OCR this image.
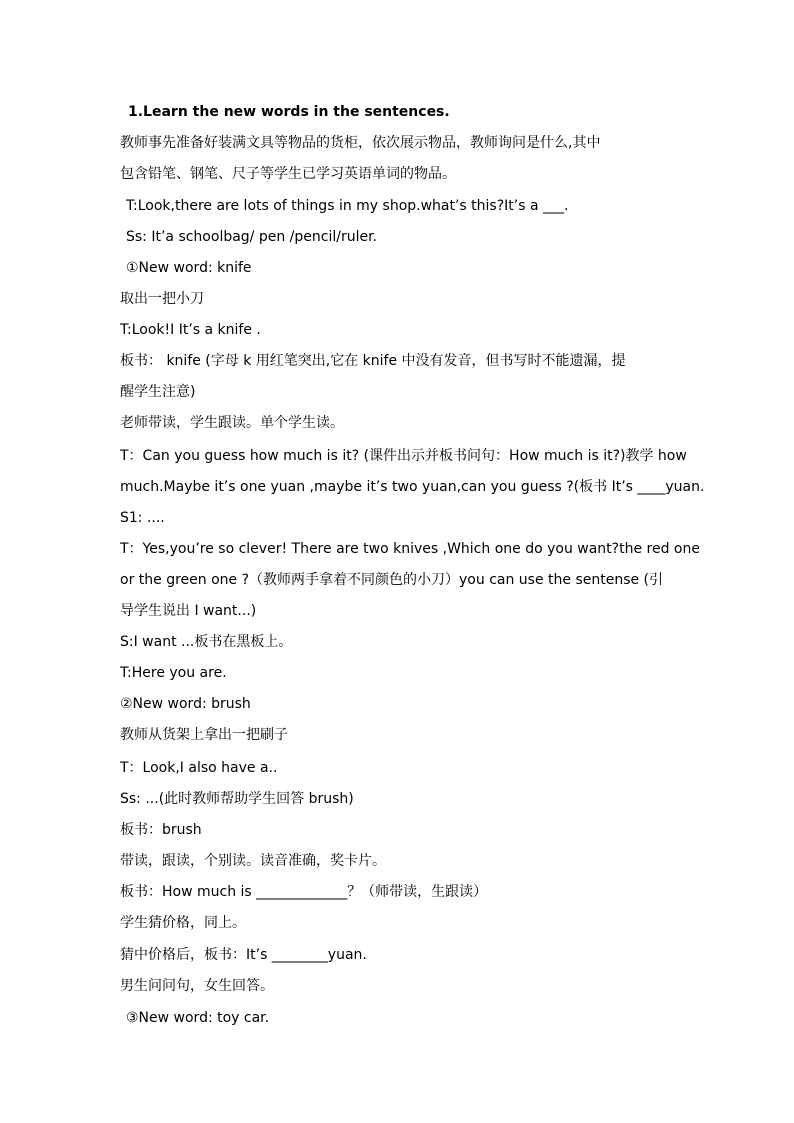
1.Learn the new words in the sentences.
教师事先准备好装满文具等物品的货柜，依次展示物品，教师询问是什么,其中
包含铅笔、钢笔、尺子等学生已学习英语单词的物品。
T:Look,there are lots of things in my shop.what’s this?It’s a ___.
Ss: It’a schoolbag/ pen /pencil/ruler.
①New word: knife
取出一把小刀
T:Look!I It’s a knife .
板书： knife (字母 k 用红笔突出,它在 knife 中没有发音，但书写时不能遗漏，提
醒学生注意)
老师带读，学生跟读。单个学生读。
T：Can you guess how much is it? (课件出示并板书问句：How much is it?)教学 how
much.Maybe it’s one yuan ,maybe it’s two yuan,can you guess ?(板书 It’s ____yuan.
S1: ....
T：Yes,you’re so clever! There are two knives ,Which one do you want?the red one
or the green one ?（教师两手拿着不同颜色的小刀）you can use the sentense (引
导学生说出 I want...)
S:I want ...板书在黑板上。
T:Here you are.
②New word: brush
教师从货架上拿出一把刷子
T：Look,I also have a..
Ss: ...(此时教师帮助学生回答 brush)
板书：brush
带读，跟读，个别读。读音准确，奖卡片。
板书：How much is _____________？（师带读，生跟读）
学生猜价格，同上。
猜中价格后，板书：It’s ________yuan.
男生问问句，女生回答。
③New word: toy car.
